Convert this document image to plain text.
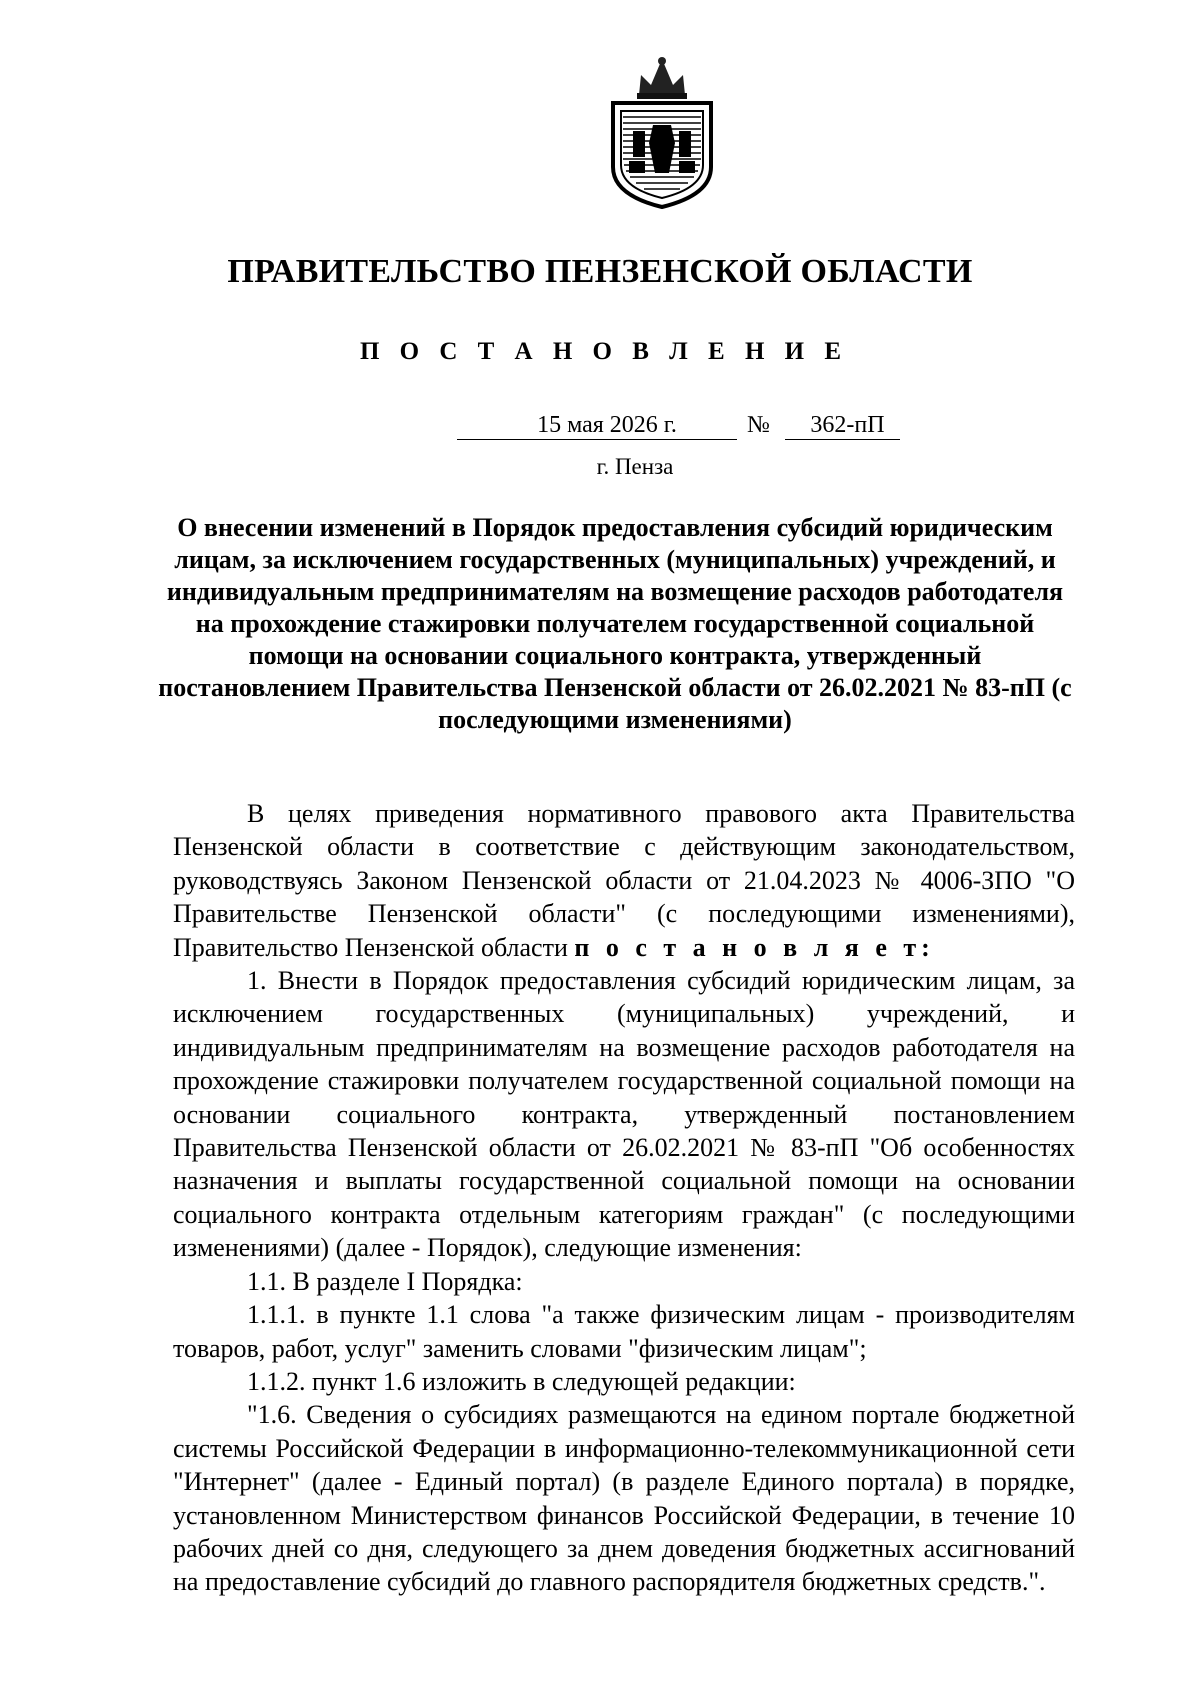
ПРАВИТЕЛЬСТВО ПЕНЗЕНСКОЙ ОБЛАСТИ
П О С Т А Н О В Л Е Н И Е
15 мая 2026 г.	№	362-пП
г. Пенза

О внесении изменений в Порядок предоставления субсидий юридическим лицам, за исключением государственных (муниципальных) учреждений, и индивидуальным предпринимателям на возмещение расходов работодателя на прохождение стажировки получателем государственной социальной помощи на основании социального контракта, утвержденный постановлением Правительства Пензенской области от 26.02.2021 № 83-пП (с последующими изменениями)

В целях приведения нормативного правового акта Правительства Пензенской области в соответствие с действующим законодательством, руководствуясь Законом Пензенской области от 21.04.2023 № 4006-ЗПО "О Правительстве Пензенской области" (с последующими изменениями), Правительство Пензенской области п о с т а н о в л я е т:

1. Внести в Порядок предоставления субсидий юридическим лицам, за исключением государственных (муниципальных) учреждений, и индивидуальным предпринимателям на возмещение расходов работодателя на прохождение стажировки получателем государственной социальной помощи на основании социального контракта, утвержденный постановлением Правительства Пензенской области от 26.02.2021 № 83-пП "Об особенностях назначения и выплаты государственной социальной помощи на основании социального контракта отдельным категориям граждан" (с последующими изменениями) (далее - Порядок), следующие изменения:

1.1. В разделе I Порядка:

1.1.1. в пункте 1.1 слова "а также физическим лицам - производителям товаров, работ, услуг" заменить словами "физическим лицам";

1.1.2. пункт 1.6 изложить в следующей редакции:

"1.6. Сведения о субсидиях размещаются на едином портале бюджетной системы Российской Федерации в информационно-телекоммуникационной сети "Интернет" (далее - Единый портал) (в разделе Единого портала) в порядке, установленном Министерством финансов Российской Федерации, в течение 10 рабочих дней со дня, следующего за днем доведения бюджетных ассигнований на предоставление субсидий до главного распорядителя бюджетных средств.".
